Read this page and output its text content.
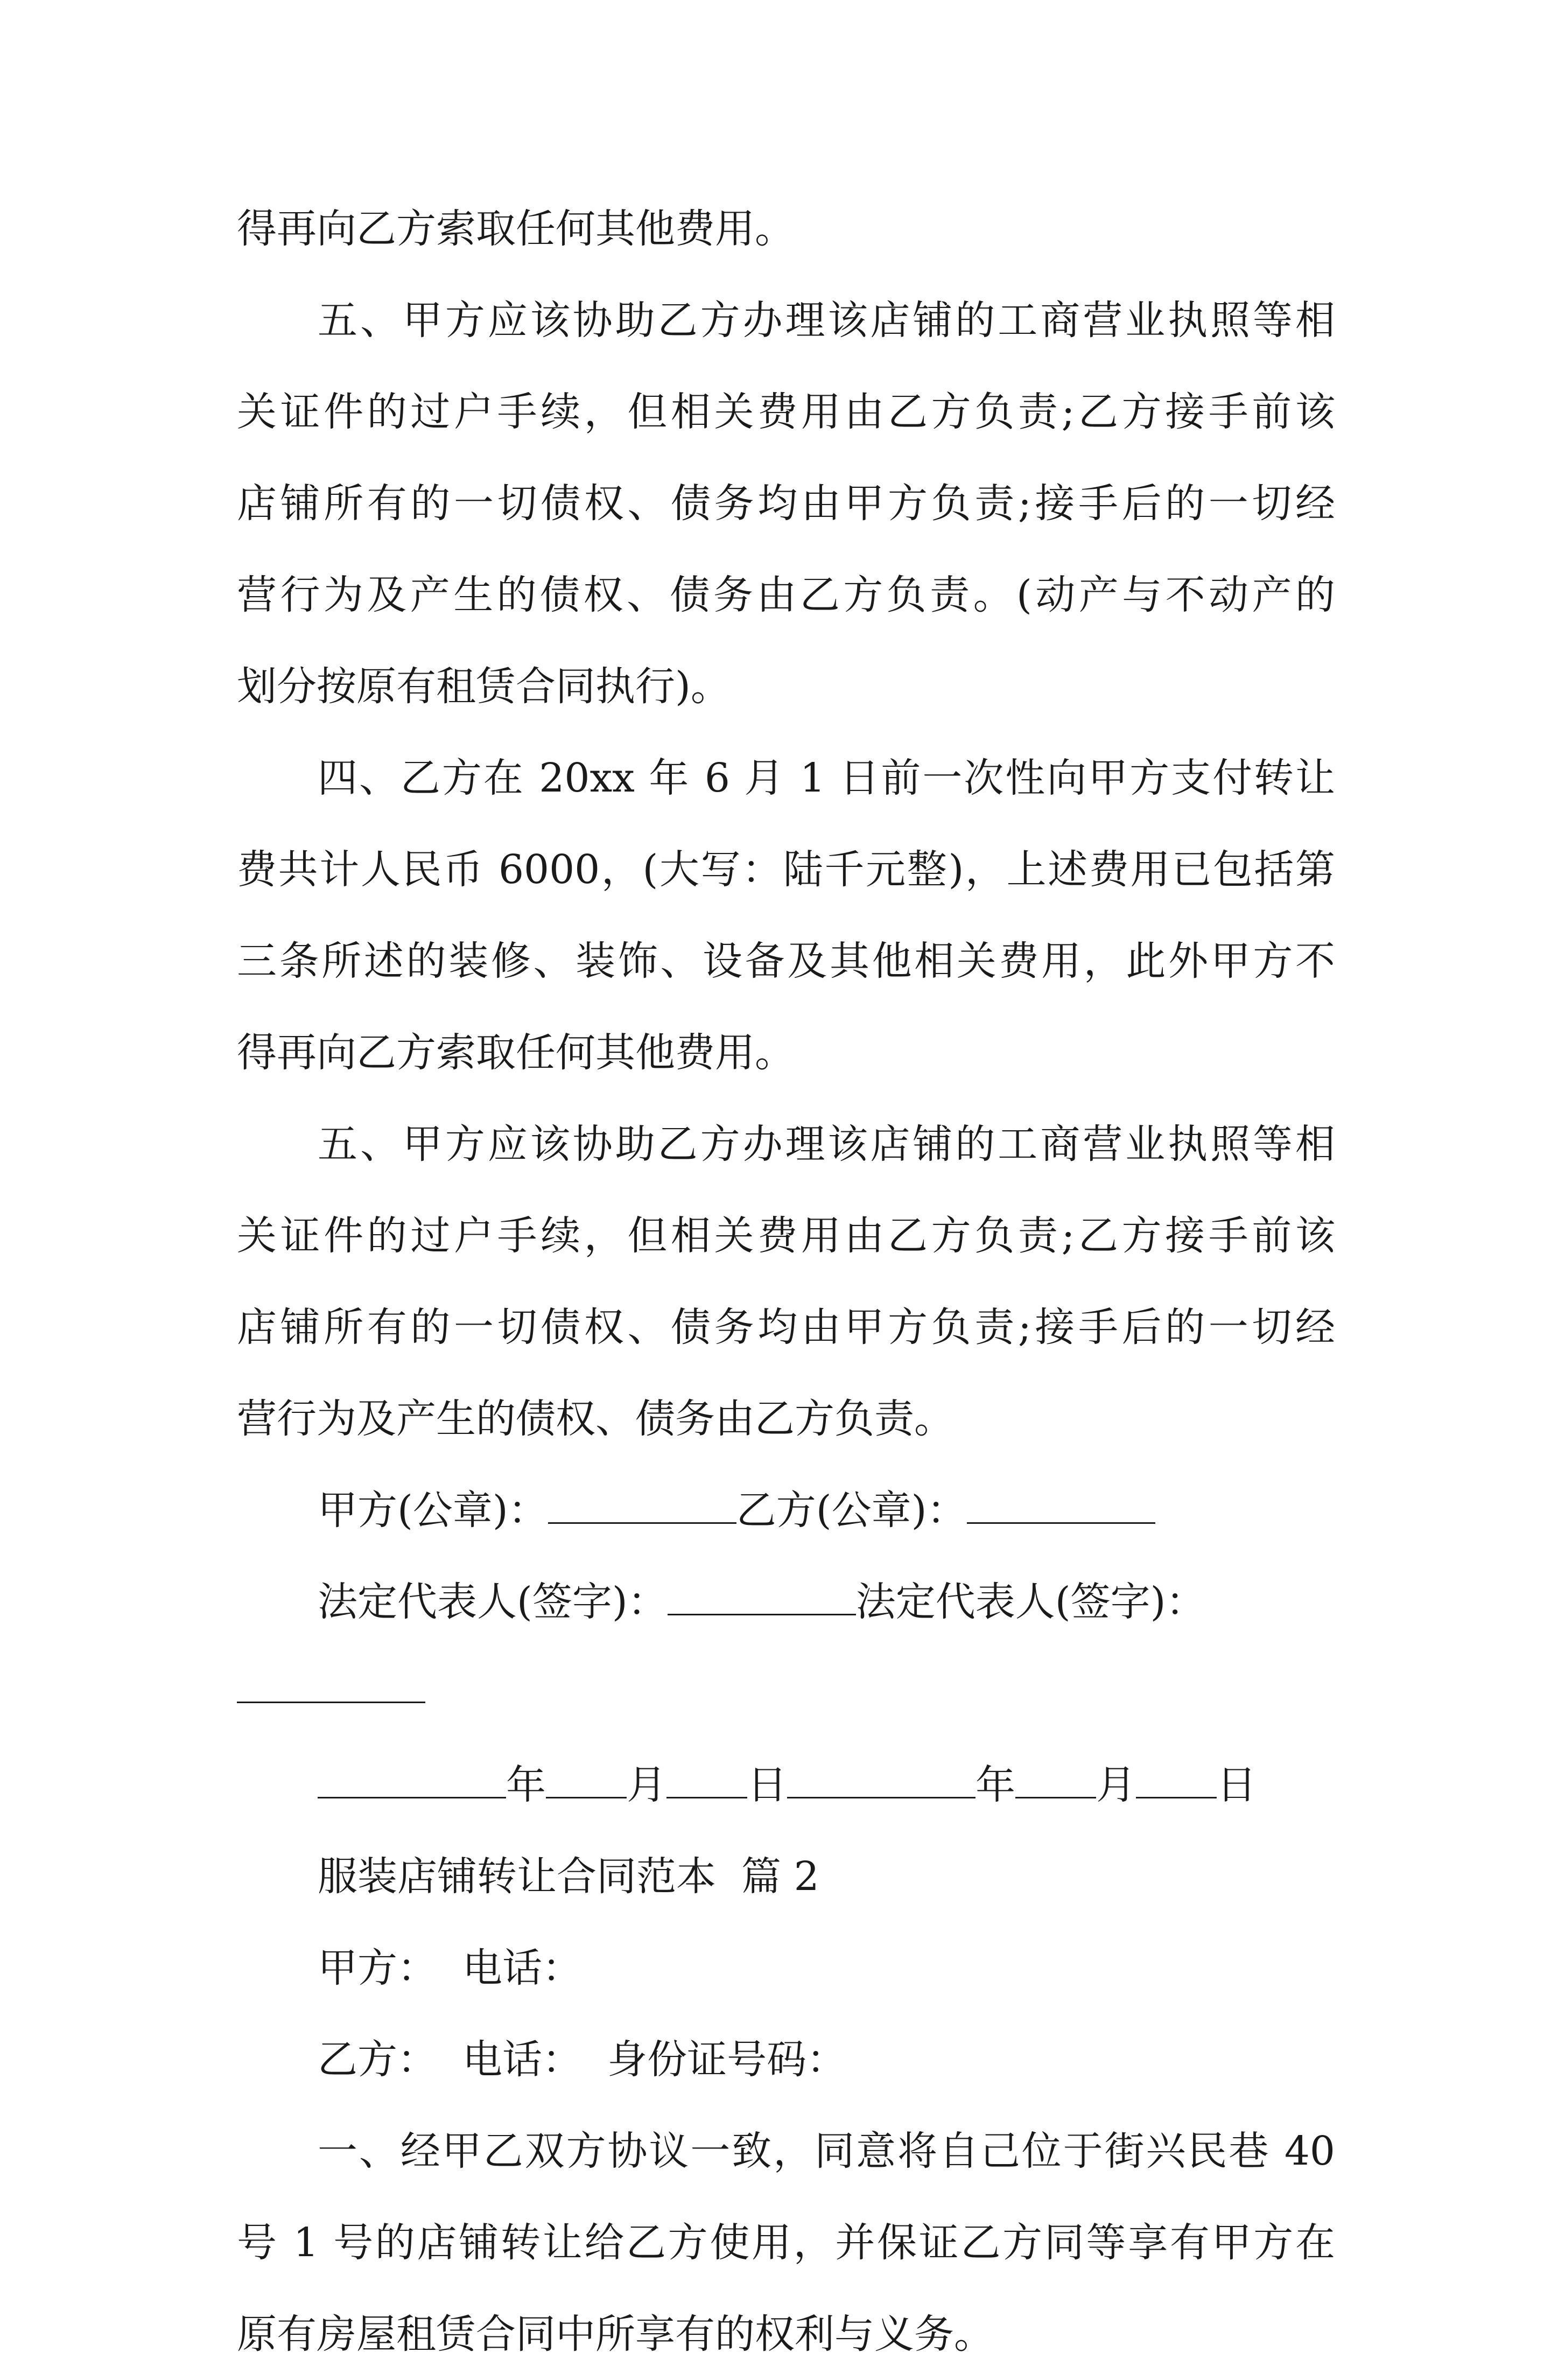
得再向乙方索取任何其他费用。

五、甲方应该协助乙方办理该店铺的工商营业执照等相

关证件的过户手续，但相关费用由乙方负责;乙方接手前该

店铺所有的一切债权、债务均由甲方负责;接手后的一切经

营行为及产生的债权、债务由乙方负责。(动产与不动产的

划分按原有租赁合同执行)。

四、乙方在 20xx 年 6 月 1 日前一次性向甲方支付转让

费共计人民币 6000，(大写：陆千元整)，上述费用已包括第

三条所述的装修、装饰、设备及其他相关费用，此外甲方不

得再向乙方索取任何其他费用。

五、甲方应该协助乙方办理该店铺的工商营业执照等相

关证件的过户手续，但相关费用由乙方负责;乙方接手前该

店铺所有的一切债权、债务均由甲方负责;接手后的一切经

营行为及产生的债权、债务由乙方负责。

甲方(公章)：	乙方(公章)：

法定代表人(签字)：	法定代表人(签字)：

年 月 日	年 月 日

服装店铺转让合同范本  篇 2

甲方：  电话：

乙方：  电话：  身份证号码：

一、经甲乙双方协议一致，同意将自己位于街兴民巷 40

号 1 号的店铺转让给乙方使用，并保证乙方同等享有甲方在

原有房屋租赁合同中所享有的权利与义务。
